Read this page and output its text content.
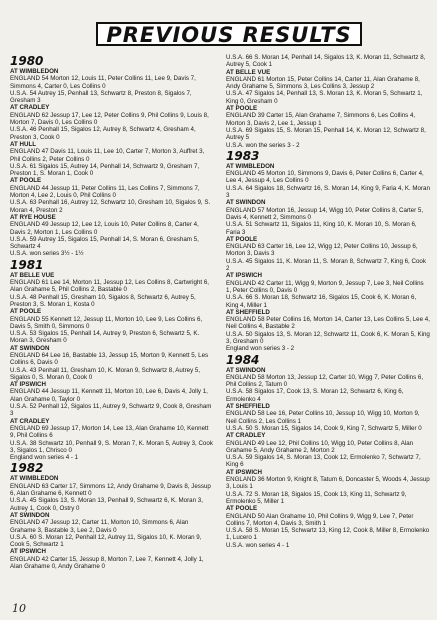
PREVIOUS RESULTS
1980
AT WIMBLEDON
ENGLAND 54 Morton 12, Louis 11, Peter Collins 11, Lee 9, Davis 7, Simmons 4, Carter 0, Les Collins 0
U.S.A. 54 Autrey 15, Penhall 13, Schwartz 8, Preston 8, Sigalos 7, Gresham 3
AT CRADLEY
ENGLAND 62 Jessup 17, Lee 12, Peter Collins 9, Phil Collins 9, Louis 8, Morton 7, Davis 0, Les Collins 0
U.S.A. 46 Penhall 15, Sigalos 12, Autrey 8, Schwartz 4, Gresham 4, Preston 3, Cook 0
AT HULL
ENGLAND 47 Davis 11, Louis 11, Lee 10, Carter 7, Morton 3, Auffret 3, Phil Collins 2, Peter Collins 0
U.S.A. 61 Sigalos 15, Autrey 14, Penhall 14, Schwartz 9, Gresham 7, Preston 1, S. Moran 1, Cook 0
AT POOLE
ENGLAND 44 Jessup 11, Peter Collins 11, Les Collins 7, Simmons 7, Morton 4, Lee 2, Louis 0, Phil Collins 0
U.S.A. 63 Penhall 16, Autrey 12, Schwartz 10, Gresham 10, Sigalos 9, S. Moran 4, Preston 2
AT RYE HOUSE
ENGLAND 49 Jessup 12, Lee 12, Louis 10, Peter Collins 8, Carter 4, Davis 2, Morton 1, Les Collins 0
U.S.A. 59 Autrey 15, Sigalos 15, Penhall 14, S. Moran 6, Gresham 5, Schwartz 4
U.S.A. won series 3½ - 1½
1981
AT BELLE VUE
ENGLAND 61 Lee 14, Morton 11, Jessup 12, Les Collins 8, Cartwright 6, Alan Grahame 5, Phil Collins 2, Bastable 0
U.S.A. 48 Penhall 15, Gresham 10, Sigalos 8, Schwartz 6, Autrey 5, Preston 3, S. Moran 1, Kosta 0
AT POOLE
ENGLAND 55 Kennett 12, Jessup 11, Morton 10, Lee 9, Les Collins 6, Davis 5, Smith 0, Simmons 0
U.S.A. 53 Sigalos 15, Penhall 14, Autrey 9, Preston 6, Schwartz 5, K. Moran 3, Gresham 0
AT SWINDON
ENGLAND 64 Lee 16, Bastable 13, Jessup 15, Morton 9, Kennett 5, Les Collins 6, Davis 0
U.S.A. 43 Penhall 11, Gresham 10, K. Moran 9, Schwartz 8, Autrey 5, Sigalos 0, S. Moran 0, Cook 0
AT IPSWICH
ENGLAND 44 Jessup 11, Kennett 11, Morton 10, Lee 6, Davis 4, Jolly 1, Alan Grahame 0, Taylor 0
U.S.A. 52 Penhall 12, Sigalos 11, Autrey 9, Schwartz 9, Cook 8, Gresham 3
AT CRADLEY
ENGLAND 69 Jessup 17, Morton 14, Lee 13, Alan Grahame 10, Kennett 9, Phil Collins 6
U.S.A. 38 Schwartz 10, Penhall 9, S. Moran 7, K. Moran 5, Autrey 3, Cook 3, Sigalos 1, Chrisco 0
England won series 4 - 1
1982
AT WIMBLEDON
ENGLAND 63 Carter 17, Simmons 12, Andy Grahame 9, Davis 8, Jessup 6, Alan Grahame 6, Kennett 0
U.S.A. 45 Sigalos 13, S. Moran 13, Penhall 9, Schwartz 6, K. Moran 3, Autrey 1, Cook 0, Ostry 0
AT SWINDON
ENGLAND 47 Jessup 12, Carter 11, Morton 10, Simmons 6, Alan Grahame 3, Bastable 3, Lee 2, Davis 0
U.S.A. 60 S. Moran 12, Penhall 12, Autrey 11, Sigalos 10, K. Moran 9, Cook 5, Schwartz 1
AT IPSWICH
ENGLAND 42 Carter 15, Jessup 8, Morton 7, Lee 7, Kennett 4, Jolly 1, Alan Grahame 0, Andy Grahame 0
U.S.A. 66 S. Moran 14, Penhall 14, Sigalos 13, K. Moran 11, Schwartz 8, Autrey 5, Cook 1
AT BELLE VUE
ENGLAND 61 Morton 15, Peter Collins 14, Carter 11, Alan Grahame 8, Andy Grahame 5, Simmons 3, Les Collins 3, Jessup 2
U.S.A. 47 Sigalos 14, Penhall 13, S. Moran 13, K. Moran 5, Schwartz 1, King 0, Gresham 0
AT POOLE
ENGLAND 39 Carter 15, Alan Grahame 7, Simmons 6, Les Collins 4, Morton 3, Davis 2, Lee 1, Jessup 1
U.S.A. 69 Sigalos 15, S. Moran 15, Penhall 14, K. Moran 12, Schwartz 8, Autrey 5
U.S.A. won the series 3 - 2
1983
AT WIMBLEDON
ENGLAND 45 Morton 10, Simmons 9, Davis 6, Peter Collins 6, Carter 4, Lee 4, Jessup 4, Les Collins 0
U.S.A. 64 Sigalos 18, Schwartz 16, S. Moran 14, King 9, Faria 4, K. Moran 3
AT SWINDON
ENGLAND 57 Morton 16, Jessup 14, Wigg 10, Peter Collins 8, Carter 5, Davis 4, Kennett 2, Simmons 0
U.S.A. 51 Schwartz 11, Sigalos 11, King 10, K. Moran 10, S. Moran 6, Faria 3
AT POOLE
ENGLAND 63 Carter 16, Lee 12, Wigg 12, Peter Collins 10, Jessup 6, Morton 3, Davis 3
U.S.A. 45 Sigalos 11, K. Moran 11, S. Moran 8, Schwartz 7, King 6, Cook 2
AT IPSWICH
ENGLAND 42 Carter 11, Wigg 9, Morton 9, Jessup 7, Lee 3, Neil Collins 1, Peter Collins 0, Davis 0
U.S.A. 66 S. Moran 18, Schwartz 16, Sigalos 15, Cook 6, K. Moran 6, King 4, Miller 1
AT SHEFFIELD
ENGLAND 58 Peter Collins 16, Morton 14, Carter 13, Les Collins 5, Lee 4, Neil Collins 4, Bastable 2
U.S.A. 50 Sigalos 13, S. Moran 12, Schwartz 11, Cook 6, K. Moran 5, King 3, Gresham 0
England won series 3 - 2
1984
AT SWINDON
ENGLAND 58 Morton 13, Jessup 12, Carter 10, Wigg 7, Peter Collins 6, Phil Collins 2, Tatum 0
U.S.A. 58 Sigalos 17, Cook 13, S. Moran 12, Schwartz 6, King 6, Ermolenko 4
AT SHEFFIELD
ENGLAND 58 Lee 16, Peter Collins 10, Jessup 10, Wigg 10, Morton 9, Neil Collins 2, Les Collins 1
U.S.A. 50 S. Moran 15, Sigalos 14, Cook 9, King 7, Schwartz 5, Miller 0
AT CRADLEY
ENGLAND 49 Lee 12, Phil Collins 10, Wigg 10, Peter Collins 8, Alan Grahame 5, Andy Grahame 2, Morton 2
U.S.A. 59 Sigalos 14, S. Moran 13, Cook 12, Ermolenko 7, Schwartz 7, King 6
AT IPSWICH
ENGLAND 36 Morton 9, Knight 8, Tatum 6, Doncaster 5, Woods 4, Jessup 3, Louis 1
U.S.A. 72 S. Moran 18, Sigalos 15, Cook 13, King 11, Schwartz 9, Ermolenko 5, Miller 1
AT POOLE
ENGLAND 50 Alan Grahame 10, Phil Collins 9, Wigg 9, Lee 7, Peter Collins 7, Morton 4, Davis 3, Smith 1
U.S.A. 58 S. Moran 15, Schwartz 13, King 12, Cook 8, Miller 8, Ermolenko 1, Lucero 1
U.S.A. won series 4 - 1
10
